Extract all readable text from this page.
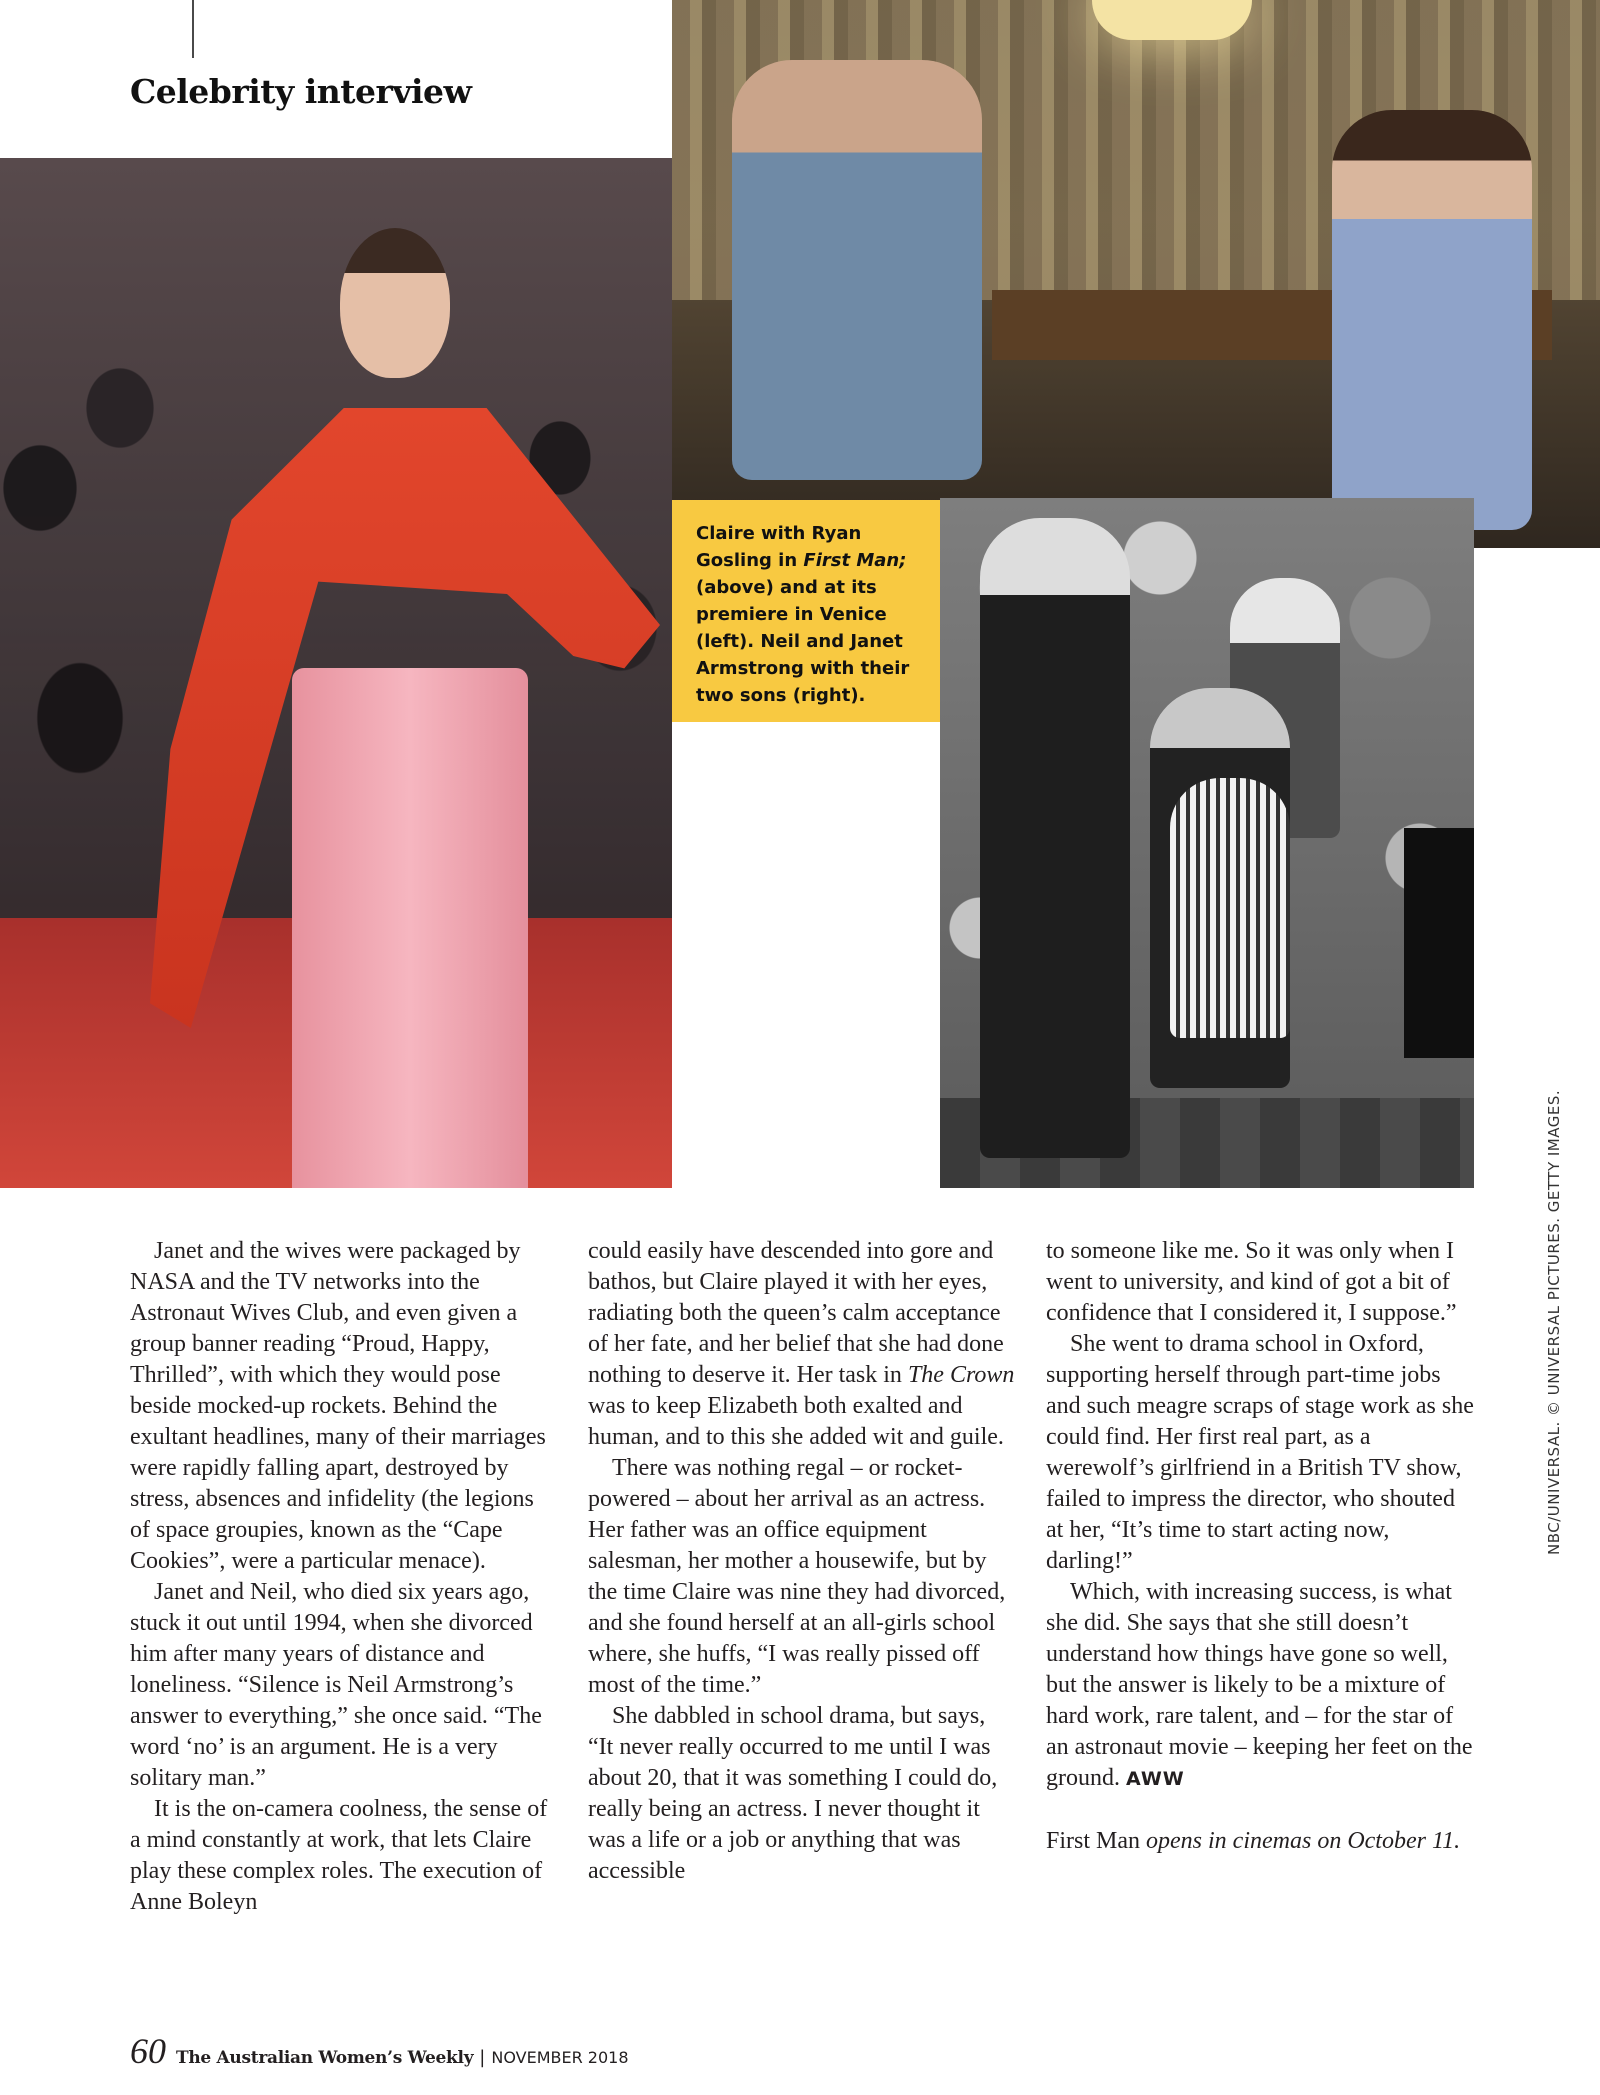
Celebrity interview
Claire with Ryan Gosling in First Man; (above) and at its premiere in Venice (left). Neil and Janet Armstrong with their two sons (right).

Janet and the wives were packaged by NASA and the TV networks into the Astronaut Wives Club, and even given a group banner reading “Proud, Happy, Thrilled”, with which they would pose beside mocked-up rockets. Behind the exultant headlines, many of their marriages were rapidly falling apart, destroyed by stress, absences and infidelity (the legions of space groupies, known as the “Cape Cookies”, were a particular menace).

Janet and Neil, who died six years ago, stuck it out until 1994, when she divorced him after many years of distance and loneliness. “Silence is Neil Armstrong’s answer to everything,” she once said. “The word ‘no’ is an argument. He is a very solitary man.”

It is the on-camera coolness, the sense of a mind constantly at work, that lets Claire play these complex roles. The execution of Anne Boleyn

could easily have descended into gore and bathos, but Claire played it with her eyes, radiating both the queen’s calm acceptance of her fate, and her belief that she had done nothing to deserve it. Her task in The Crown was to keep Elizabeth both exalted and human, and to this she added wit and guile.

There was nothing regal – or rocket-powered – about her arrival as an actress. Her father was an office equipment salesman, her mother a housewife, but by the time Claire was nine they had divorced, and she found herself at an all-girls school where, she huffs, “I was really pissed off most of the time.”

She dabbled in school drama, but says, “It never really occurred to me until I was about 20, that it was something I could do, really being an actress. I never thought it was a life or a job or anything that was accessible

to someone like me. So it was only when I went to university, and kind of got a bit of confidence that I considered it, I suppose.”

She went to drama school in Oxford, supporting herself through part-time jobs and such meagre scraps of stage work as she could find. Her first real part, as a werewolf’s girlfriend in a British TV show, failed to impress the director, who shouted at her, “It’s time to start acting now, darling!”

Which, with increasing success, is what she did. She says that she still doesn’t understand how things have gone so well, but the answer is likely to be a mixture of hard work, rare talent, and – for the star of an astronaut movie – keeping her feet on the ground. AWW

First Man opens in cinemas on October 11.

NBC/UNIVERSAL. © UNIVERSAL PICTURES. GETTY IMAGES.
60 The Australian Women’s Weekly | NOVEMBER 2018
